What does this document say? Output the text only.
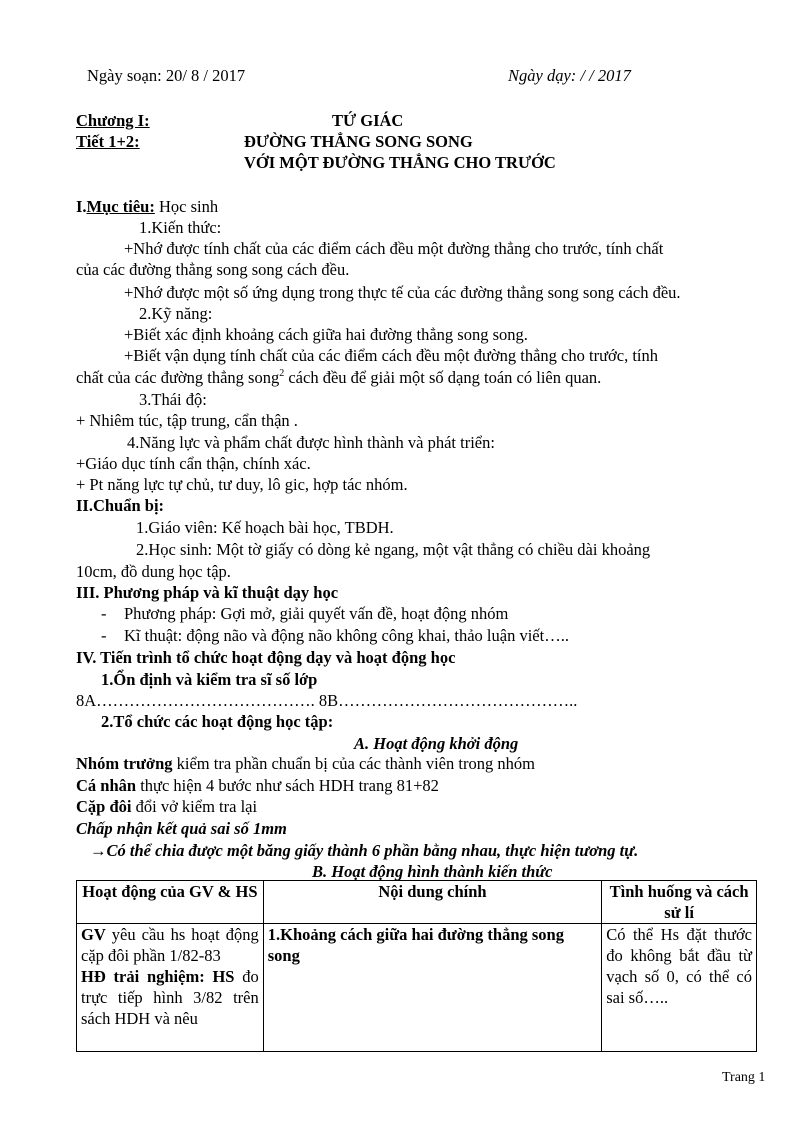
Ngày soạn: 20/ 8 / 2017	Ngày dạy: / / 2017
Chương I:	TỨ GIÁC
Tiết 1+2:	ĐƯỜNG THẲNG SONG SONG
VỚI MỘT ĐƯỜNG THẲNG CHO TRƯỚC
I.Mục tiêu: Học sinh
1.Kiến thức:
+Nhớ được tính chất của các điểm cách đều một đường thẳng cho trước, tính chất
của các đường thẳng song song cách đều.
+Nhớ được một số ứng dụng trong thực tế của các đường thẳng song song cách đều.
2.Kỹ năng:
+Biết xác định khoảng cách giữa hai đường thẳng song song.
+Biết vận dụng tính chất của các điểm cách đều một đường thẳng cho trước, tính
chất của các đường thẳng song$^2$ cách đều để giải một số dạng toán có liên quan.
3.Thái độ:
+ Nhiêm túc, tập trung, cẩn thận .
4.Năng lực và phẩm chất được hình thành và phát triển:
+Giáo dục tính cẩn thận, chính xác.
+ Pt năng lực tự chủ, tư duy, lô gic, hợp tác nhóm.
II.Chuẩn bị:
1.Giáo viên: Kế hoạch bài học, TBDH.
2.Học sinh: Một tờ giấy có dòng kẻ ngang, một vật thẳng có chiều dài khoảng
10cm, đồ dung học tập.
III. Phương pháp và kĩ thuật dạy học
- Phương pháp: Gợi mở, giải quyết vấn đề, hoạt động nhóm
- Kĩ thuật: động não và động não không công khai, thảo luận viết…..
IV. Tiến trình tổ chức hoạt động dạy và hoạt động học
1.Ổn định và kiểm tra sĩ số lớp
8A…………………………………. 8B……………………………………..
2.Tổ chức các hoạt động học tập:
A. Hoạt động khởi động
Nhóm trưởng kiểm tra phần chuẩn bị của các thành viên trong nhóm
Cá nhân thực hiện 4 bước như sách HDH trang 81+82
Cặp đôi đổi vở kiểm tra lại
Chấp nhận kết quả sai số 1mm
→Có thể chia được một băng giấy thành 6 phần bằng nhau, thực hiện tương tự.
B. Hoạt động hình thành kiến thức
Hoạt động của GV & HS	Nội dung chính	Tình huống và cách sử lí
GV yêu cầu hs hoạt động cặp đôi phần 1/82-83
HĐ trải nghiệm: HS đo trực tiếp hình 3/82 trên sách HDH và nêu	1.Khoảng cách giữa hai đường thẳng song song	Có thể Hs đặt thước đo không bắt đầu từ vạch số 0, có thể có sai số…..
Trang 1
